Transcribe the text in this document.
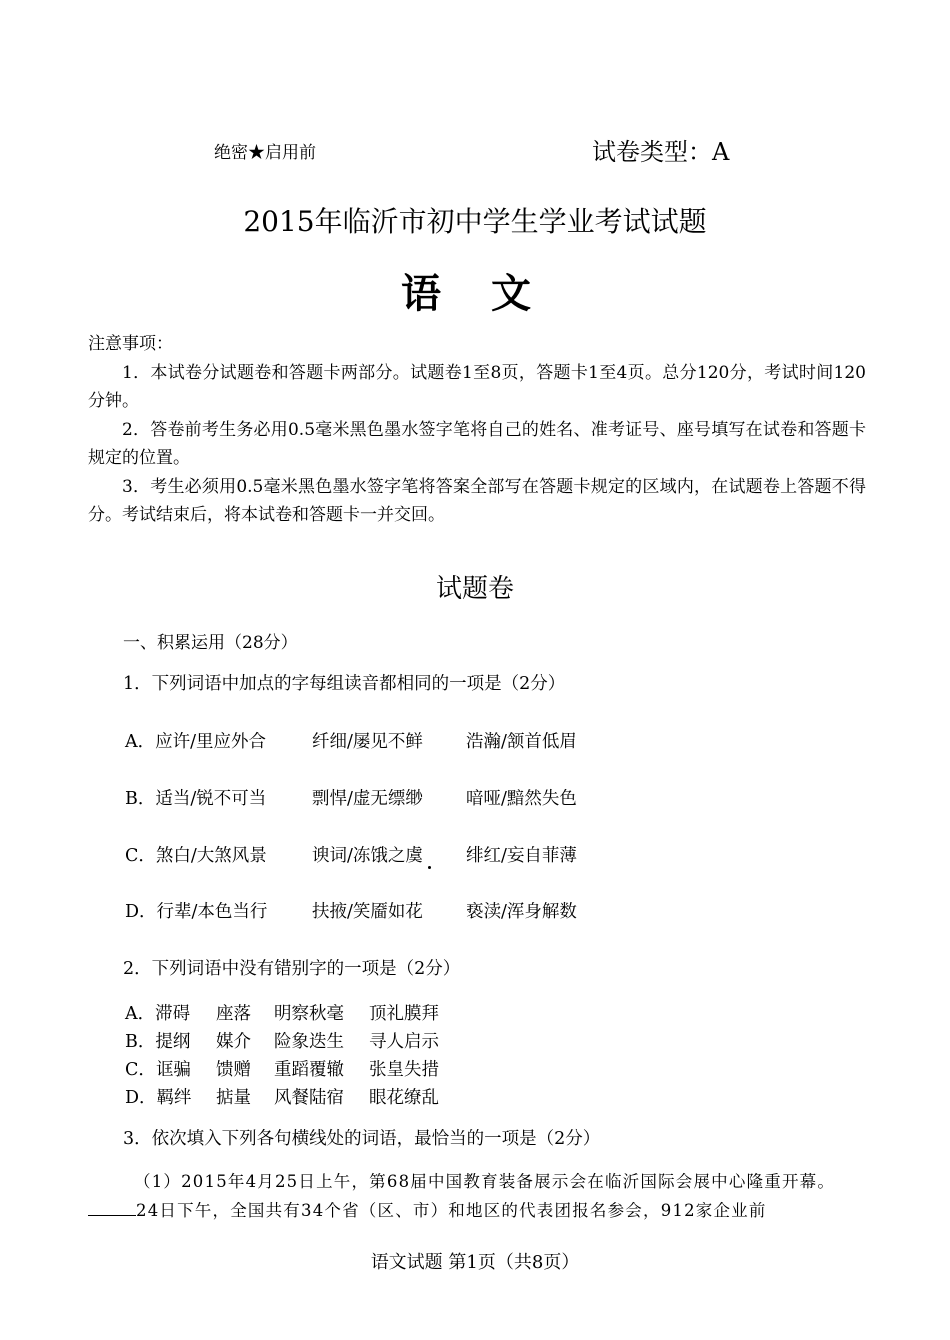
绝密★启用前	试卷类型：A
2015年临沂市初中学生学业考试试题
语 文
注意事项：
1．本试卷分试题卷和答题卡两部分。试题卷1至8页，答题卡1至4页。总分120分，考试时间120分钟。
2．答卷前考生务必用0.5毫米黑色墨水签字笔将自己的姓名、准考证号、座号填写在试卷和答题卡规定的位置。
3．考生必须用0.5毫米黑色墨水签字笔将答案全部写在答题卡规定的区域内，在试题卷上答题不得分。考试结束后，将本试卷和答题卡一并交回。
试题卷
一、积累运用（28分）
1．下列词语中加点的字每组读音都相同的一项是（2分）
A．应许/里应外合	纤细/屡见不鲜 浩瀚/颔首低眉
B．适当/锐不可当	剽悍/虚无缥缈 喑哑/黯然失色
C．煞白/大煞风景	谀词/冻饿之虞 绯红/妄自菲薄
D．行辈/本色当行	扶掖/笑靥如花 亵渎/浑身解数
2．下列词语中没有错别字的一项是（2分）
A．滞碍 座落 明察秋毫 顶礼膜拜
B．提纲 媒介 险象迭生 寻人启示
C．诓骗 馈赠 重蹈覆辙 张皇失措
D．羁绊 掂量 风餐陆宿 眼花缭乱
3．依次填入下列各句横线处的词语，最恰当的一项是（2分）
（1）2015年4月25日上午，第68届中国教育装备展示会在临沂国际会展中心隆重开幕。24日下午，全国共有34个省（区、市）和地区的代表团报名参会，912家企业前
语文试题 第1页（共8页）
